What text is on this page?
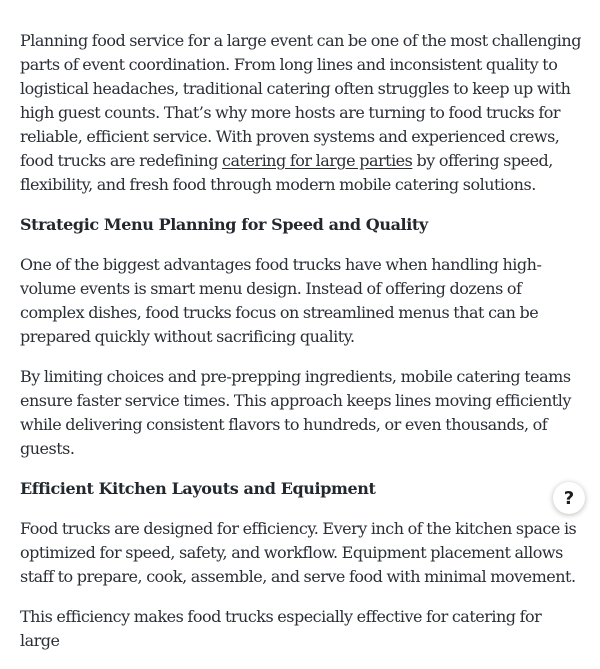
Planning food service for a large event can be one of the most challenging parts of event coordination. From long lines and inconsistent quality to logistical headaches, traditional catering often struggles to keep up with high guest counts. That’s why more hosts are turning to food trucks for reliable, efficient service. With proven systems and experienced crews, food trucks are redefining catering for large parties by offering speed, flexibility, and fresh food through modern mobile catering solutions.

Strategic Menu Planning for Speed and Quality

One of the biggest advantages food trucks have when handling high-volume events is smart menu design. Instead of offering dozens of complex dishes, food trucks focus on streamlined menus that can be prepared quickly without sacrificing quality.

By limiting choices and pre-prepping ingredients, mobile catering teams ensure faster service times. This approach keeps lines moving efficiently while delivering consistent flavors to hundreds, or even thousands, of guests.

Efficient Kitchen Layouts and Equipment

Food trucks are designed for efficiency. Every inch of the kitchen space is optimized for speed, safety, and workflow. Equipment placement allows staff to prepare, cook, assemble, and serve food with minimal movement.

This efficiency makes food trucks especially effective for catering for large

?
